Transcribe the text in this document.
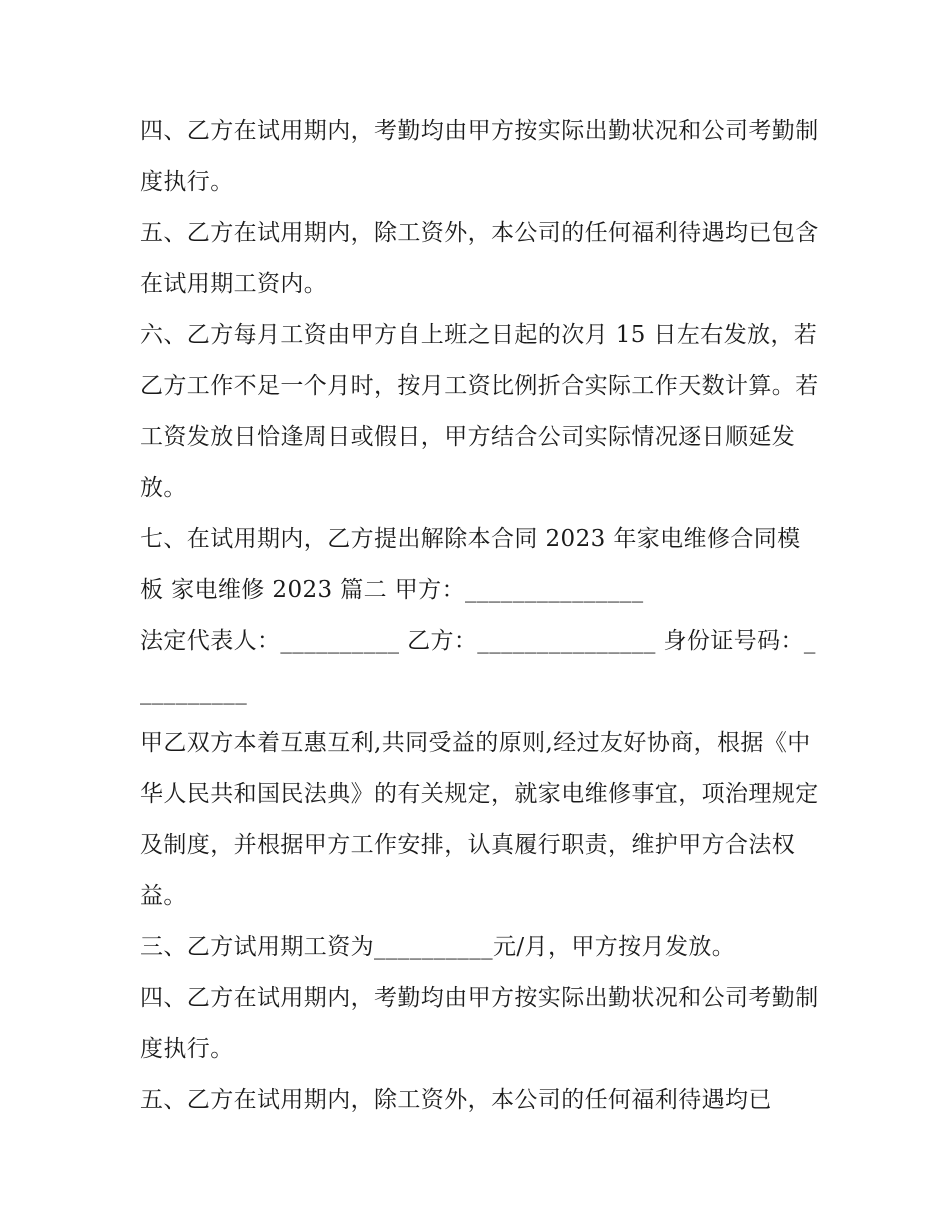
四、乙方在试用期内，考勤均由甲方按实际出勤状况和公司考勤制度执行。

五、乙方在试用期内，除工资外，本公司的任何福利待遇均已包含在试用期工资内。

六、乙方每月工资由甲方自上班之日起的次月 15 日左右发放，若乙方工作不足一个月时，按月工资比例折合实际工作天数计算。若工资发放日恰逢周日或假日，甲方结合公司实际情况逐日顺延发放。

七、在试用期内，乙方提出解除本合同 2023 年家电维修合同模板 家电维修 2023 篇二 甲方：_______________

法定代表人：__________ 乙方：_______________ 身份证号码：__________

甲乙双方本着互惠互利,共同受益的原则,经过友好协商，根据《中华人民共和国民法典》的有关规定，就家电维修事宜，项治理规定及制度，并根据甲方工作安排，认真履行职责，维护甲方合法权益。

三、乙方试用期工资为__________元/月，甲方按月发放。

四、乙方在试用期内，考勤均由甲方按实际出勤状况和公司考勤制度执行。

五、乙方在试用期内，除工资外，本公司的任何福利待遇均已
